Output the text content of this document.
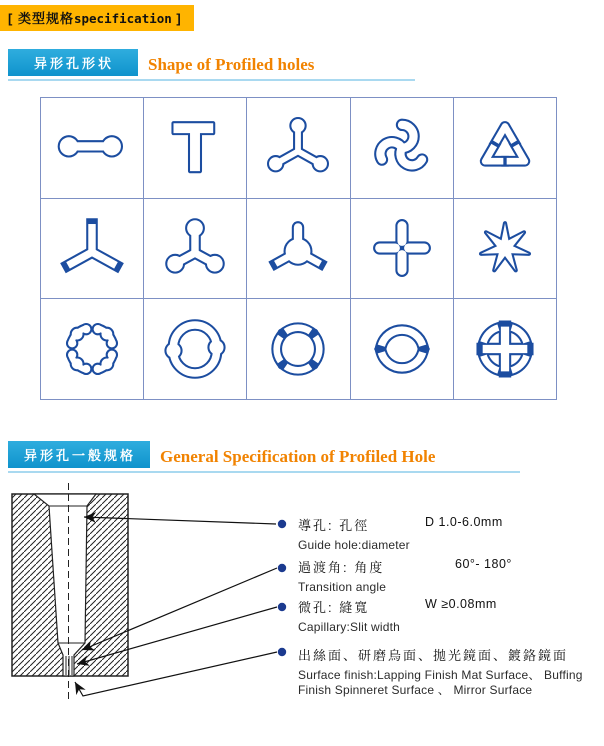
[ 类型规格specification ]
异形孔形状	Shape of Profiled holes
异形孔一般规格	General Specification of Profiled Hole
導孔: 孔徑	D 1.0-6.0mm
Guide hole:diameter
過渡角: 角度	60°- 180°
Transition angle
微孔: 縫寬	W ≥0.08mm
Capillary:Slit width
出絲面、研磨烏面、拋光鏡面、鍍鉻鏡面
Surface finish:Lapping Finish Mat Surface、 Buffing Finish Spinneret Surface 、 Mirror Surface
